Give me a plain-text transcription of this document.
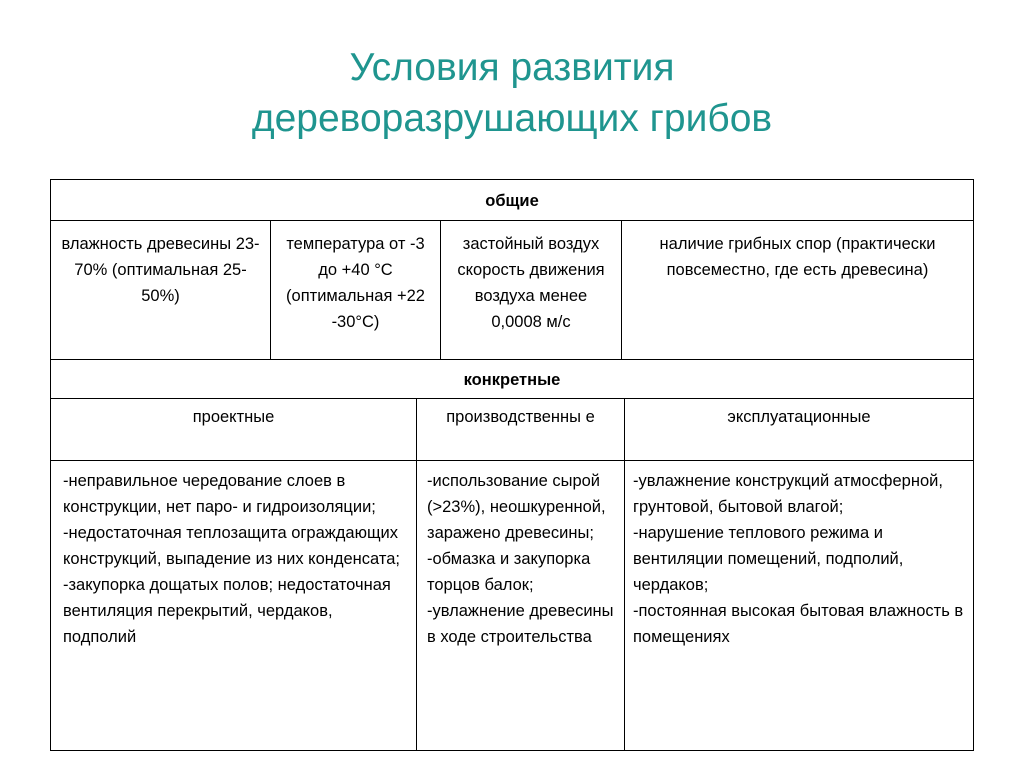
Условия развития
дереворазрушающих грибов
общие
влажность древесины 23-70% (оптимальная 25-50%)
температура от -3 до +40 °С (оптимальная +22 -30°С)
застойный воздух скорость движения воздуха менее 0,0008 м/с
наличие грибных спор (практически повсеместно, где есть древесина)
конкретные
проектные	производственны е	эксплуатационные
-неправильное чередование слоев в конструкции, нет паро- и гидроизоляции;
-недостаточная теплозащита ограждающих конструкций, выпадение из них конденсата;
-закупорка дощатых полов; недостаточная вентиляция перекрытий, чердаков, подполий
-использование сырой (>23%), неошкуренной, заражено древесины;
-обмазка и закупорка торцов балок;
-увлажнение древесины в ходе строительства
-увлажнение конструкций атмосферной, грунтовой, бытовой влагой;
-нарушение теплового режима и вентиляции помещений, подполий, чердаков;
-постоянная высокая бытовая влажность в помещениях
